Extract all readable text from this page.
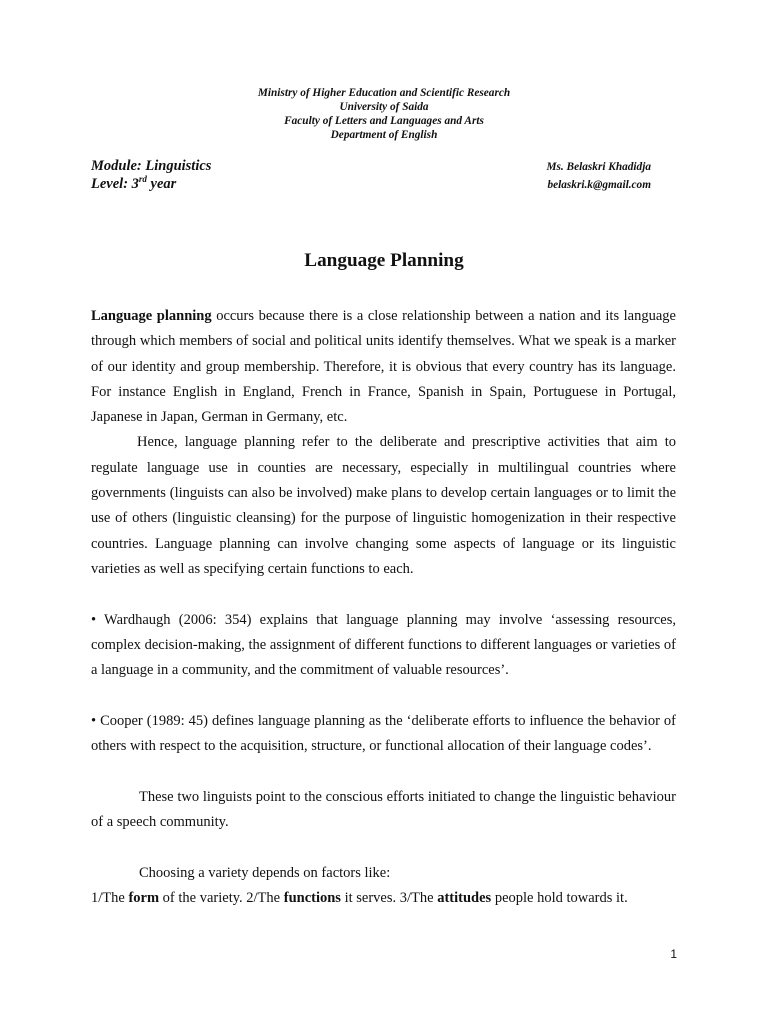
Ministry of Higher Education and Scientific Research
University of Saida
Faculty of Letters and Languages and Arts
Department of English
Module: Linguistics
Level: 3rd year
Ms. Belaskri Khadidja
belaskri.k@gmail.com
Language Planning

Language planning occurs because there is a close relationship between a nation and its language through which members of social and political units identify themselves. What we speak is a marker of our identity and group membership. Therefore, it is obvious that every country has its language. For instance English in England, French in France, Spanish in Spain, Portuguese in Portugal, Japanese in Japan, German in Germany, etc.

Hence, language planning refer to the deliberate and prescriptive activities that aim to regulate language use in counties are necessary, especially in multilingual countries where governments (linguists can also be involved) make plans to develop certain languages or to limit the use of others (linguistic cleansing) for the purpose of linguistic homogenization in their respective countries. Language planning can involve changing some aspects of language or its linguistic varieties as well as specifying certain functions to each.

• Wardhaugh (2006: 354) explains that language planning may involve ‘assessing resources, complex decision-making, the assignment of different functions to different languages or varieties of a language in a community, and the commitment of valuable resources’.

• Cooper (1989: 45) defines language planning as the ‘deliberate efforts to influence the behavior of others with respect to the acquisition, structure, or functional allocation of their language codes’.

These two linguists point to the conscious efforts initiated to change the linguistic behaviour of a speech community.

Choosing a variety depends on factors like:

1/The form of the variety. 2/The functions it serves. 3/The attitudes people hold towards it.

1
